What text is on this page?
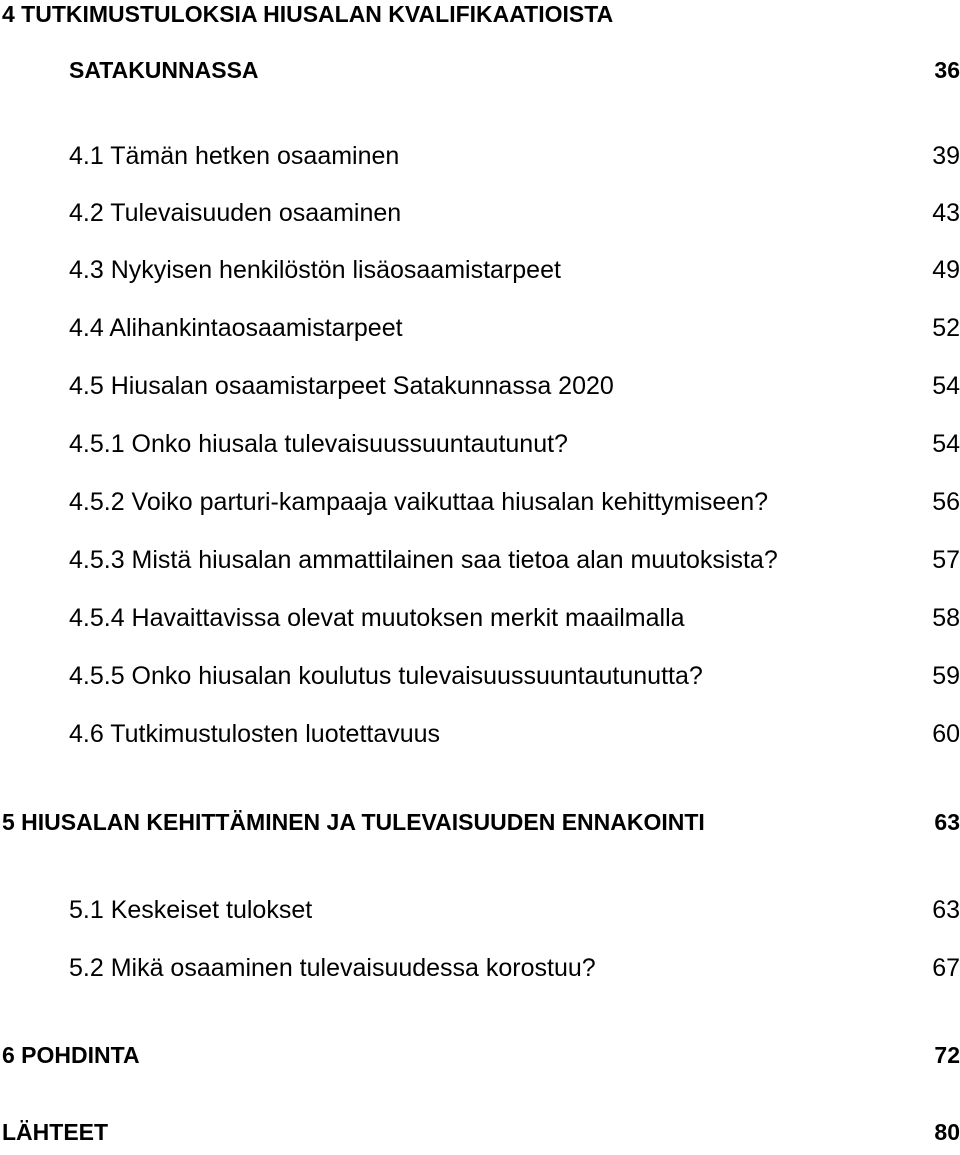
4 TUTKIMUSTULOKSIA HIUSALAN KVALIFIKAATIOISTA
SATAKUNNASSA	36
4.1 Tämän hetken osaaminen	39
4.2 Tulevaisuuden osaaminen	43
4.3 Nykyisen henkilöstön lisäosaamistarpeet	49
4.4 Alihankintaosaamistarpeet	52
4.5 Hiusalan osaamistarpeet Satakunnassa 2020	54
4.5.1 Onko hiusala tulevaisuussuuntautunut?	54
4.5.2 Voiko parturi-kampaaja vaikuttaa hiusalan kehittymiseen?	56
4.5.3 Mistä hiusalan ammattilainen saa tietoa alan muutoksista?	57
4.5.4 Havaittavissa olevat muutoksen merkit maailmalla	58
4.5.5 Onko hiusalan koulutus tulevaisuussuuntautunutta?	59
4.6 Tutkimustulosten luotettavuus	60
5 HIUSALAN KEHITTÄMINEN JA TULEVAISUUDEN ENNAKOINTI	63
5.1 Keskeiset tulokset	63
5.2 Mikä osaaminen tulevaisuudessa korostuu?	67
6 POHDINTA	72
LÄHTEET	80
